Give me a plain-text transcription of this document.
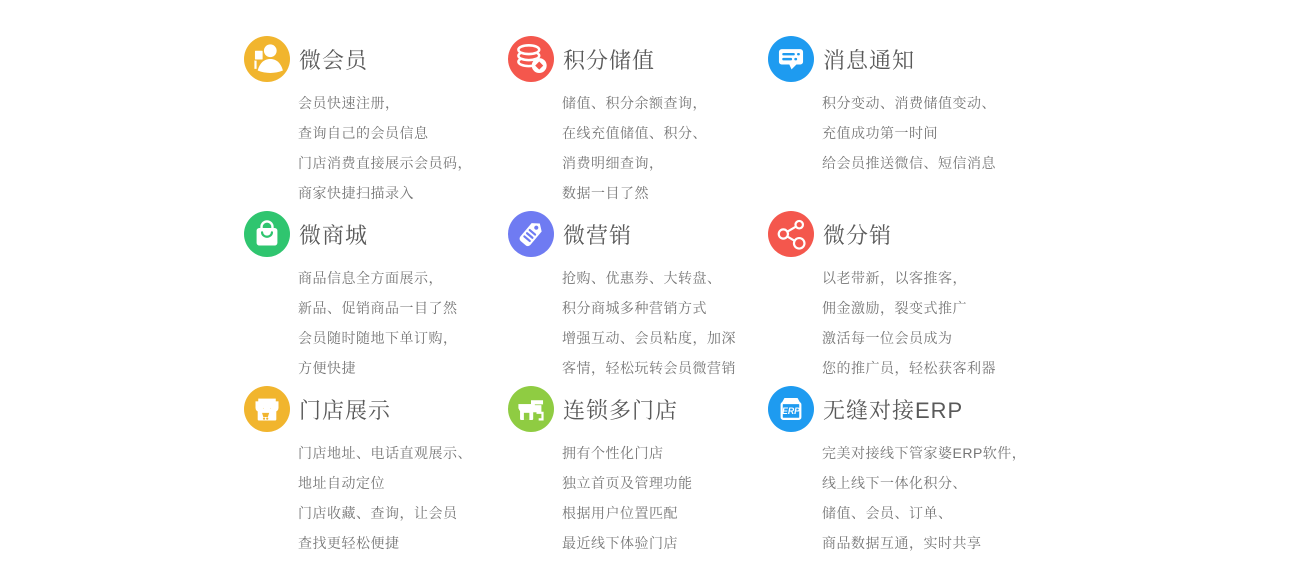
微会员

会员快速注册，

查询自己的会员信息

门店消费直接展示会员码，

商家快捷扫描录入

积分储值

储值、积分余额查询，

在线充值储值、积分、

消费明细查询，

数据一目了然

消息通知

积分变动、消费储值变动、

充值成功第一时间

给会员推送微信、短信消息

微商城

商品信息全方面展示，

新品、促销商品一目了然

会员随时随地下单订购，

方便快捷

微营销

抢购、优惠券、大转盘、

积分商城多种营销方式

增强互动、会员粘度，加深

客情，轻松玩转会员微营销

微分销

以老带新，以客推客，

佣金激励，裂变式推广

激活每一位会员成为

您的推广员，轻松获客利器

门店展示

门店地址、电话直观展示、

地址自动定位

门店收藏、查询，让会员

查找更轻松便捷

连锁多门店

拥有个性化门店

独立首页及管理功能

根据用户位置匹配

最近线下体验门店

ERP 无缝对接ERP

完美对接线下管家婆ERP软件，

线上线下一体化积分、

储值、会员、订单、

商品数据互通，实时共享
